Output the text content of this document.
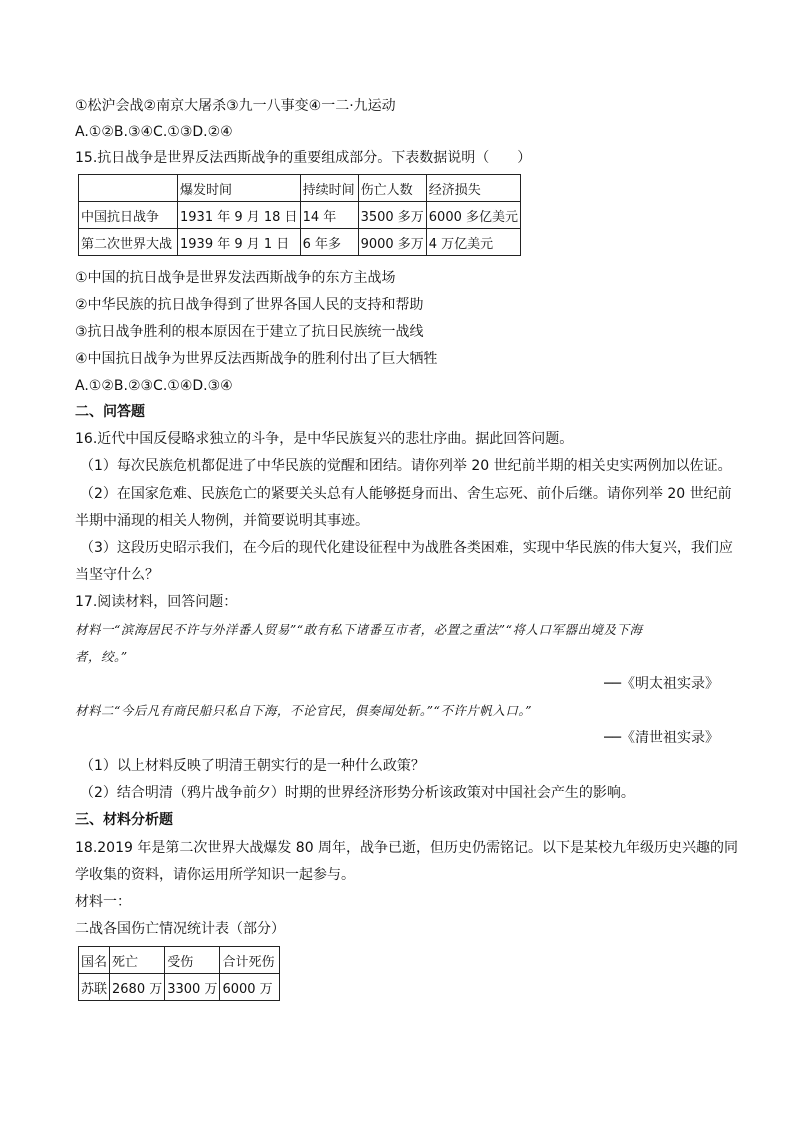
①松沪会战②南京大屠杀③九一八事变④一二·九运动
A.①②B.③④C.①③D.②④
15.抗日战争是世界反法西斯战争的重要组成部分。下表数据说明（　　）
	爆发时间	持续时间	伤亡人数	经济损失
中国抗日战争	1931 年 9 月 18 日	14 年	3500 多万	6000 多亿美元
第二次世界大战	1939 年 9 月 1 日	6 年多	9000 多万	4 万亿美元
①中国的抗日战争是世界发法西斯战争的东方主战场
②中华民族的抗日战争得到了世界各国人民的支持和帮助
③抗日战争胜利的根本原因在于建立了抗日民族统一战线
④中国抗日战争为世界反法西斯战争的胜利付出了巨大牺牲
A.①②B.②③C.①④D.③④
二、问答题
16.近代中国反侵略求独立的斗争，是中华民族复兴的悲壮序曲。据此回答问题。
（1）每次民族危机都促进了中华民族的觉醒和团结。请你列举 20 世纪前半期的相关史实两例加以佐证。
（2）在国家危难、民族危亡的紧要关头总有人能够挺身而出、舍生忘死、前仆后继。请你列举 20 世纪前
半期中涌现的相关人物例，并简要说明其事迹。
（3）这段历史昭示我们，在今后的现代化建设征程中为战胜各类困难，实现中华民族的伟大复兴，我们应
当坚守什么？
17.阅读材料，回答问题：
材料一“滨海居民不许与外洋番人贸易”“敢有私下诸番互市者，必置之重法”“将人口军器出境及下海
者，绞。”
──《明太祖实录》
材料二“今后凡有商民船只私自下海，不论官民，俱奏闻处斩。”“不许片帆入口。”
──《清世祖实录》
（1）以上材料反映了明清王朝实行的是一种什么政策？
（2）结合明清（鸦片战争前夕）时期的世界经济形势分析该政策对中国社会产生的影响。
三、材料分析题
18.2019 年是第二次世界大战爆发 80 周年，战争已逝，但历史仍需铭记。以下是某校九年级历史兴趣的同
学收集的资料，请你运用所学知识一起参与。
材料一：
二战各国伤亡情况统计表（部分）
国名	死亡	受伤	合计死伤
苏联	2680 万	3300 万	6000 万
